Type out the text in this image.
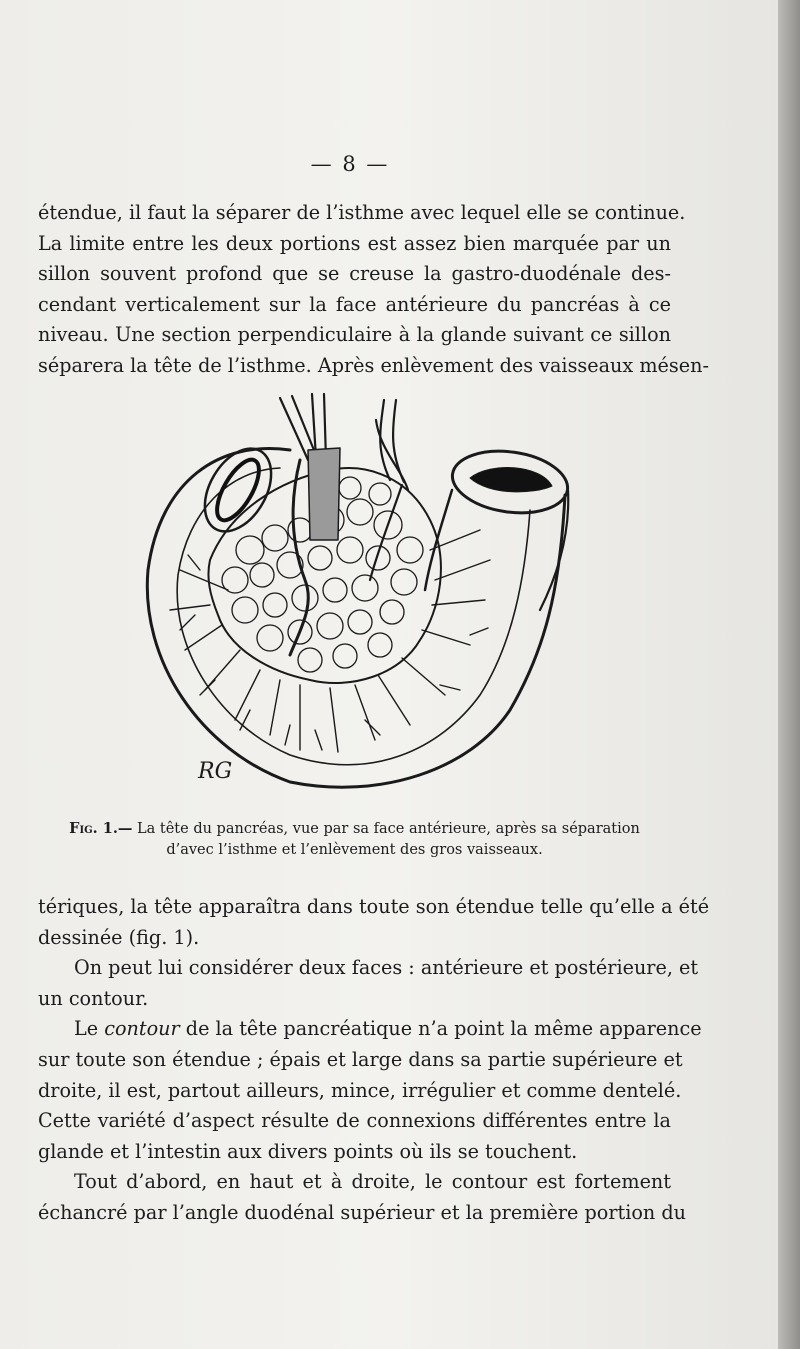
— 8 —
étendue, il faut la séparer de l’isthme avec lequel elle se continue.
La limite entre les deux portions est assez bien marquée par un
sillon souvent profond que se creuse la gastro-duodénale des-
cendant verticalement sur la face antérieure du pancréas à ce
niveau. Une section perpendiculaire à la glande suivant ce sillon
séparera la tête de l’isthme. Après enlèvement des vaisseaux mésen-
RG
Fig. 1.— La tête du pancréas, vue par sa face antérieure, après sa séparation
d’avec l’isthme et l’enlèvement des gros vaisseaux.
tériques, la tête apparaîtra dans toute son étendue telle qu’elle a été
dessinée (fig. 1).
On peut lui considérer deux faces : antérieure et postérieure, et
un contour.
Le contour de la tête pancréatique n’a point la même apparence
sur toute son étendue ; épais et large dans sa partie supérieure et
droite, il est, partout ailleurs, mince, irrégulier et comme dentelé.
Cette variété d’aspect résulte de connexions différentes entre la
glande et l’intestin aux divers points où ils se touchent.
Tout d’abord, en haut et à droite, le contour est fortement
échancré par l’angle duodénal supérieur et la première portion du
